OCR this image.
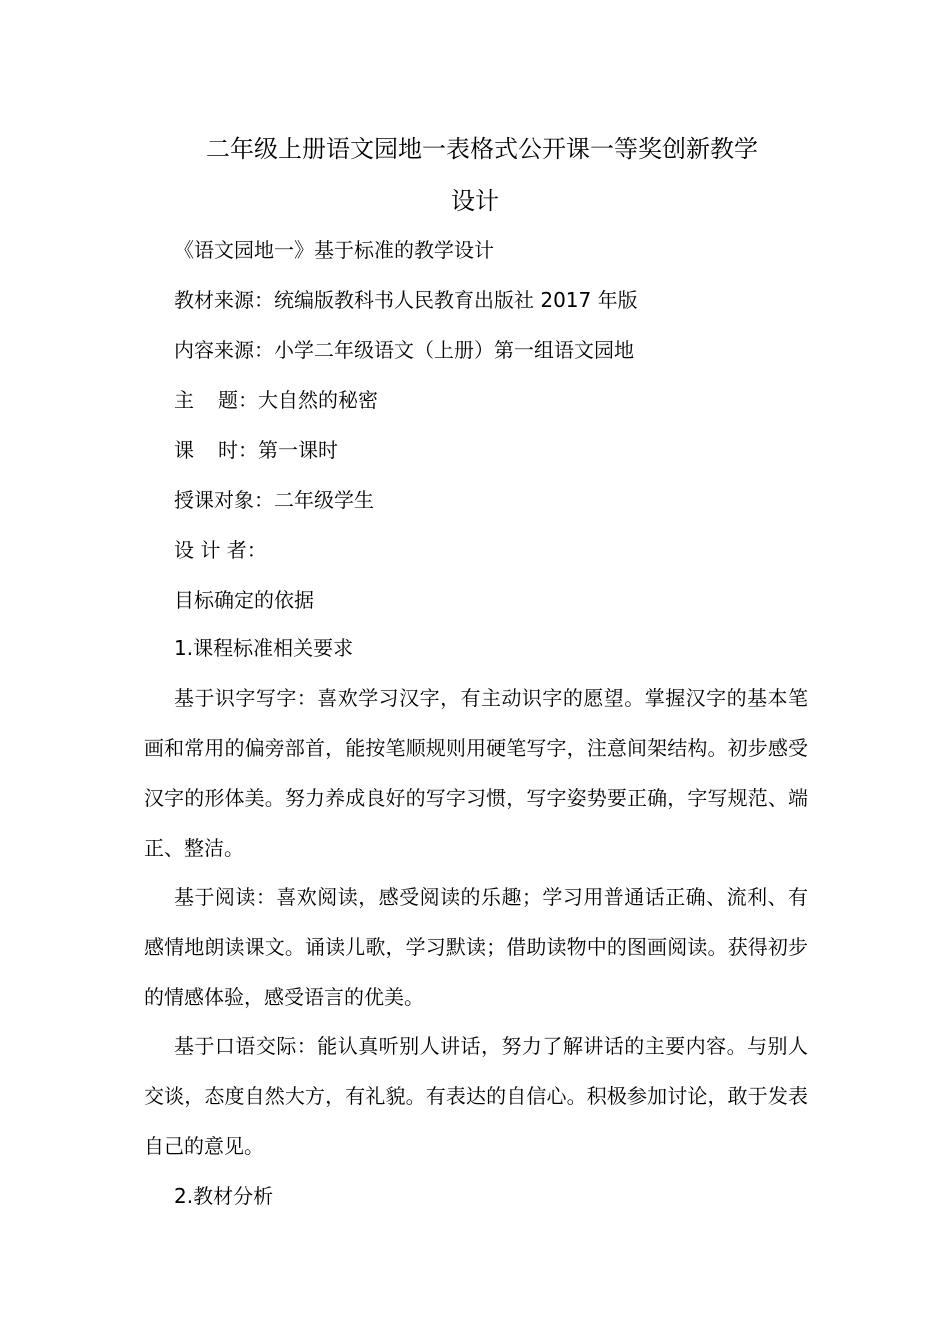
二年级上册语文园地一表格式公开课一等奖创新教学
设计
《语文园地一》基于标准的教学设计
教材来源：统编版教科书人民教育出版社 2017 年版
内容来源：小学二年级语文（上册）第一组语文园地
主 题：大自然的秘密
课 时：第一课时
授课对象：二年级学生
设 计 者：
目标确定的依据
1.课程标准相关要求
基于识字写字：喜欢学习汉字，有主动识字的愿望。掌握汉字的基本笔画和常用的偏旁部首，能按笔顺规则用硬笔写字，注意间架结构。初步感受汉字的形体美。努力养成良好的写字习惯，写字姿势要正确，字写规范、端正、整洁。
基于阅读：喜欢阅读，感受阅读的乐趣；学习用普通话正确、流利、有感情地朗读课文。诵读儿歌，学习默读；借助读物中的图画阅读。获得初步的情感体验，感受语言的优美。
基于口语交际：能认真听别人讲话，努力了解讲话的主要内容。与别人交谈，态度自然大方，有礼貌。有表达的自信心。积极参加讨论，敢于发表自己的意见。
2.教材分析
